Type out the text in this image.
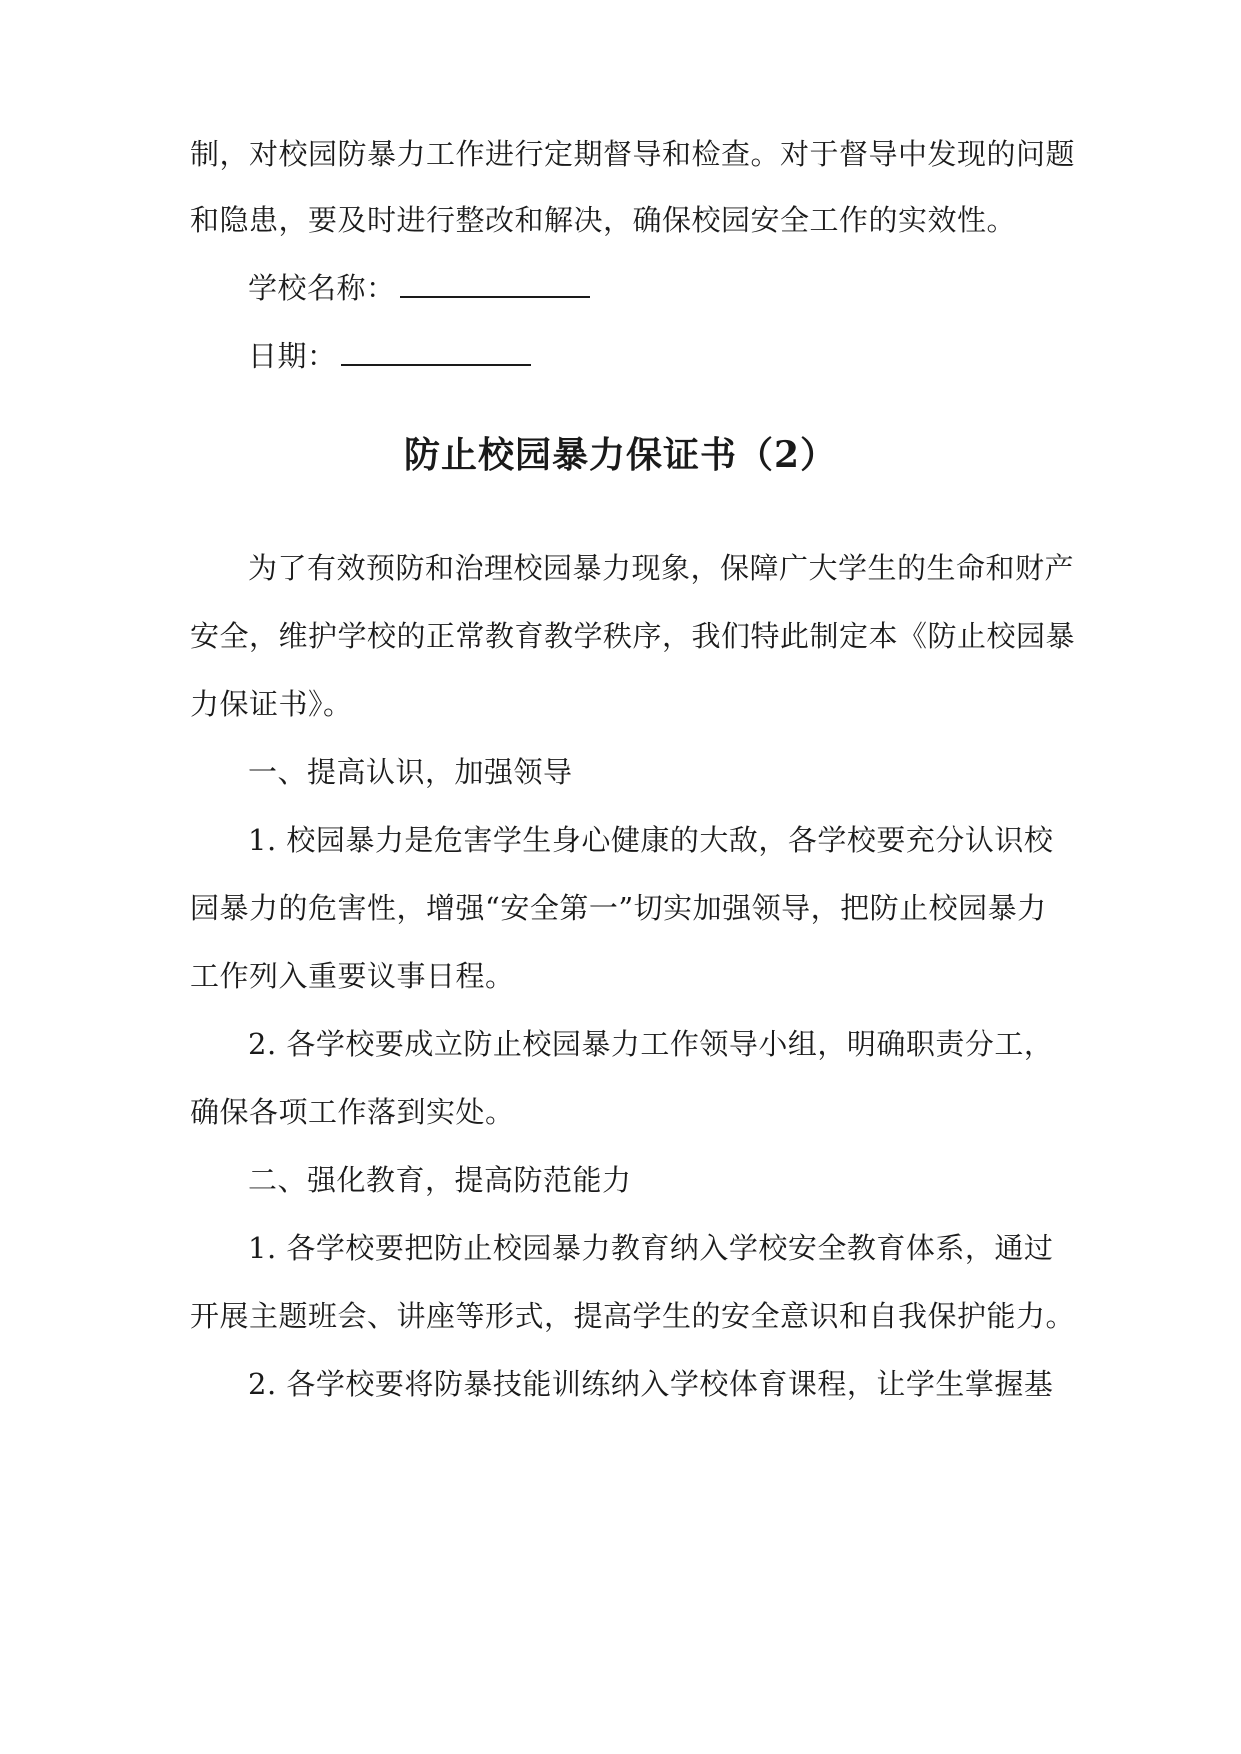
制，对校园防暴力工作进行定期督导和检查。对于督导中发现的问题
和隐患，要及时进行整改和解决，确保校园安全工作的实效性。
学校名称：
日期：
防止校园暴力保证书（2）
为了有效预防和治理校园暴力现象，保障广大学生的生命和财产
安全，维护学校的正常教育教学秩序，我们特此制定本《防止校园暴
力保证书》。
一、提高认识，加强领导
1. 校园暴力是危害学生身心健康的大敌，各学校要充分认识校
园暴力的危害性，增强“安全第一”切实加强领导，把防止校园暴力
工作列入重要议事日程。
2. 各学校要成立防止校园暴力工作领导小组，明确职责分工，
确保各项工作落到实处。
二、强化教育，提高防范能力
1. 各学校要把防止校园暴力教育纳入学校安全教育体系，通过
开展主题班会、讲座等形式，提高学生的安全意识和自我保护能力。
2. 各学校要将防暴技能训练纳入学校体育课程，让学生掌握基
